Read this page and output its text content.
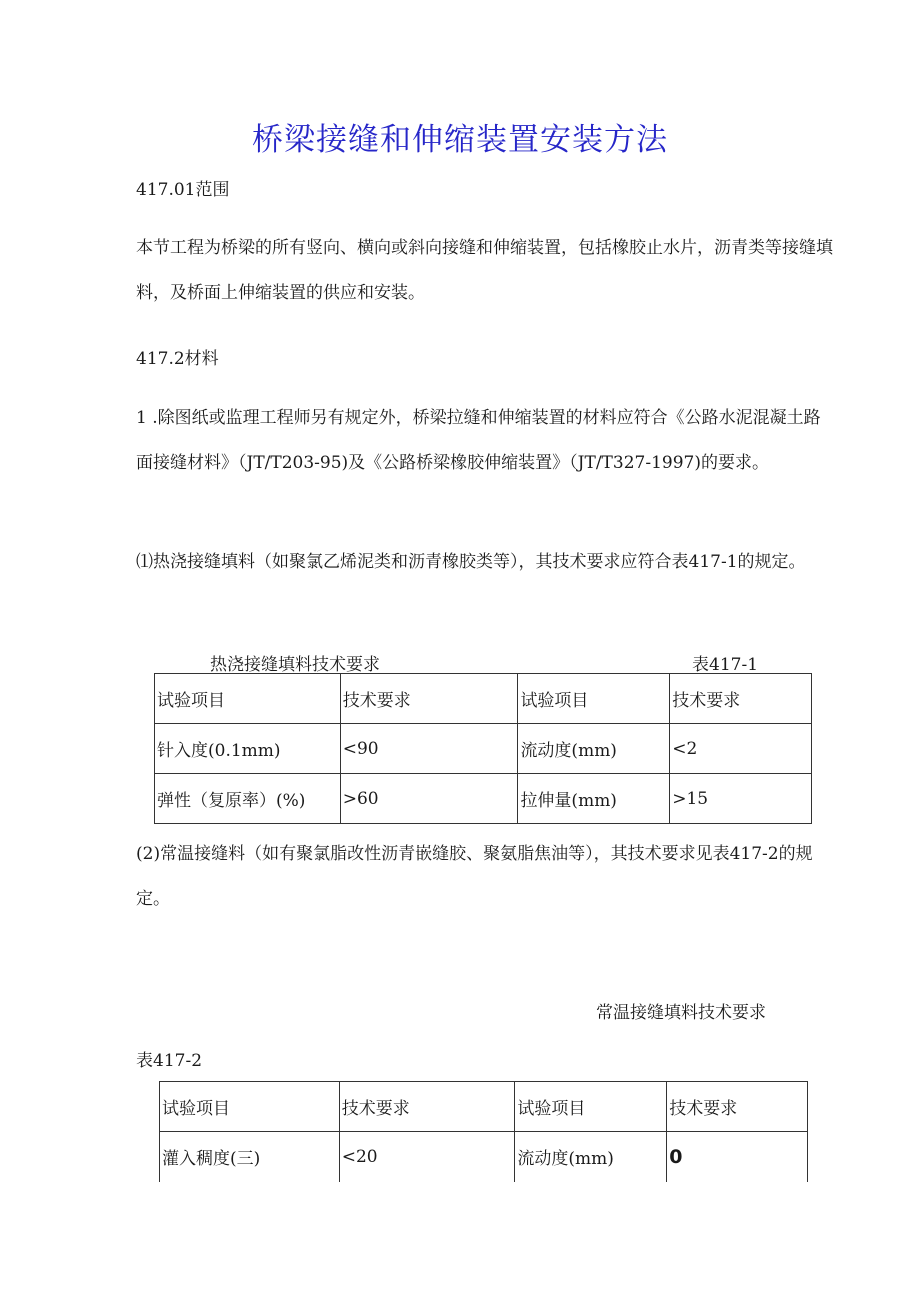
桥梁接缝和伸缩装置安装方法
417.01范围
本节工程为桥梁的所有竖向、横向或斜向接缝和伸缩装置，包括橡胶止水片，沥青类等接缝填料，及桥面上伸缩装置的供应和安装。
417.2材料
1 .除图纸或监理工程师另有规定外，桥梁拉缝和伸缩装置的材料应符合《公路水泥混凝土路面接缝材料》（JT/T203-95)及《公路桥梁橡胶伸缩装置》（JT/T327-1997)的要求。
⑴热浇接缝填料（如聚氯乙烯泥类和沥青橡胶类等），其技术要求应符合表417-1的规定。
热浇接缝填料技术要求	表417-1
试验项目	技术要求	试验项目	技术要求
针入度(0.1mm)	<90	流动度(mm)	<2
弹性（复原率）(%)	>60	拉伸量(mm)	>15
(2)常温接缝料（如有聚氯脂改性沥青嵌缝胶、聚氨脂焦油等），其技术要求见表417-2的规定。
常温接缝填料技术要求
表417-2
试验项目	技术要求	试验项目	技术要求
灌入稠度(三)	<20	流动度(mm)	0
